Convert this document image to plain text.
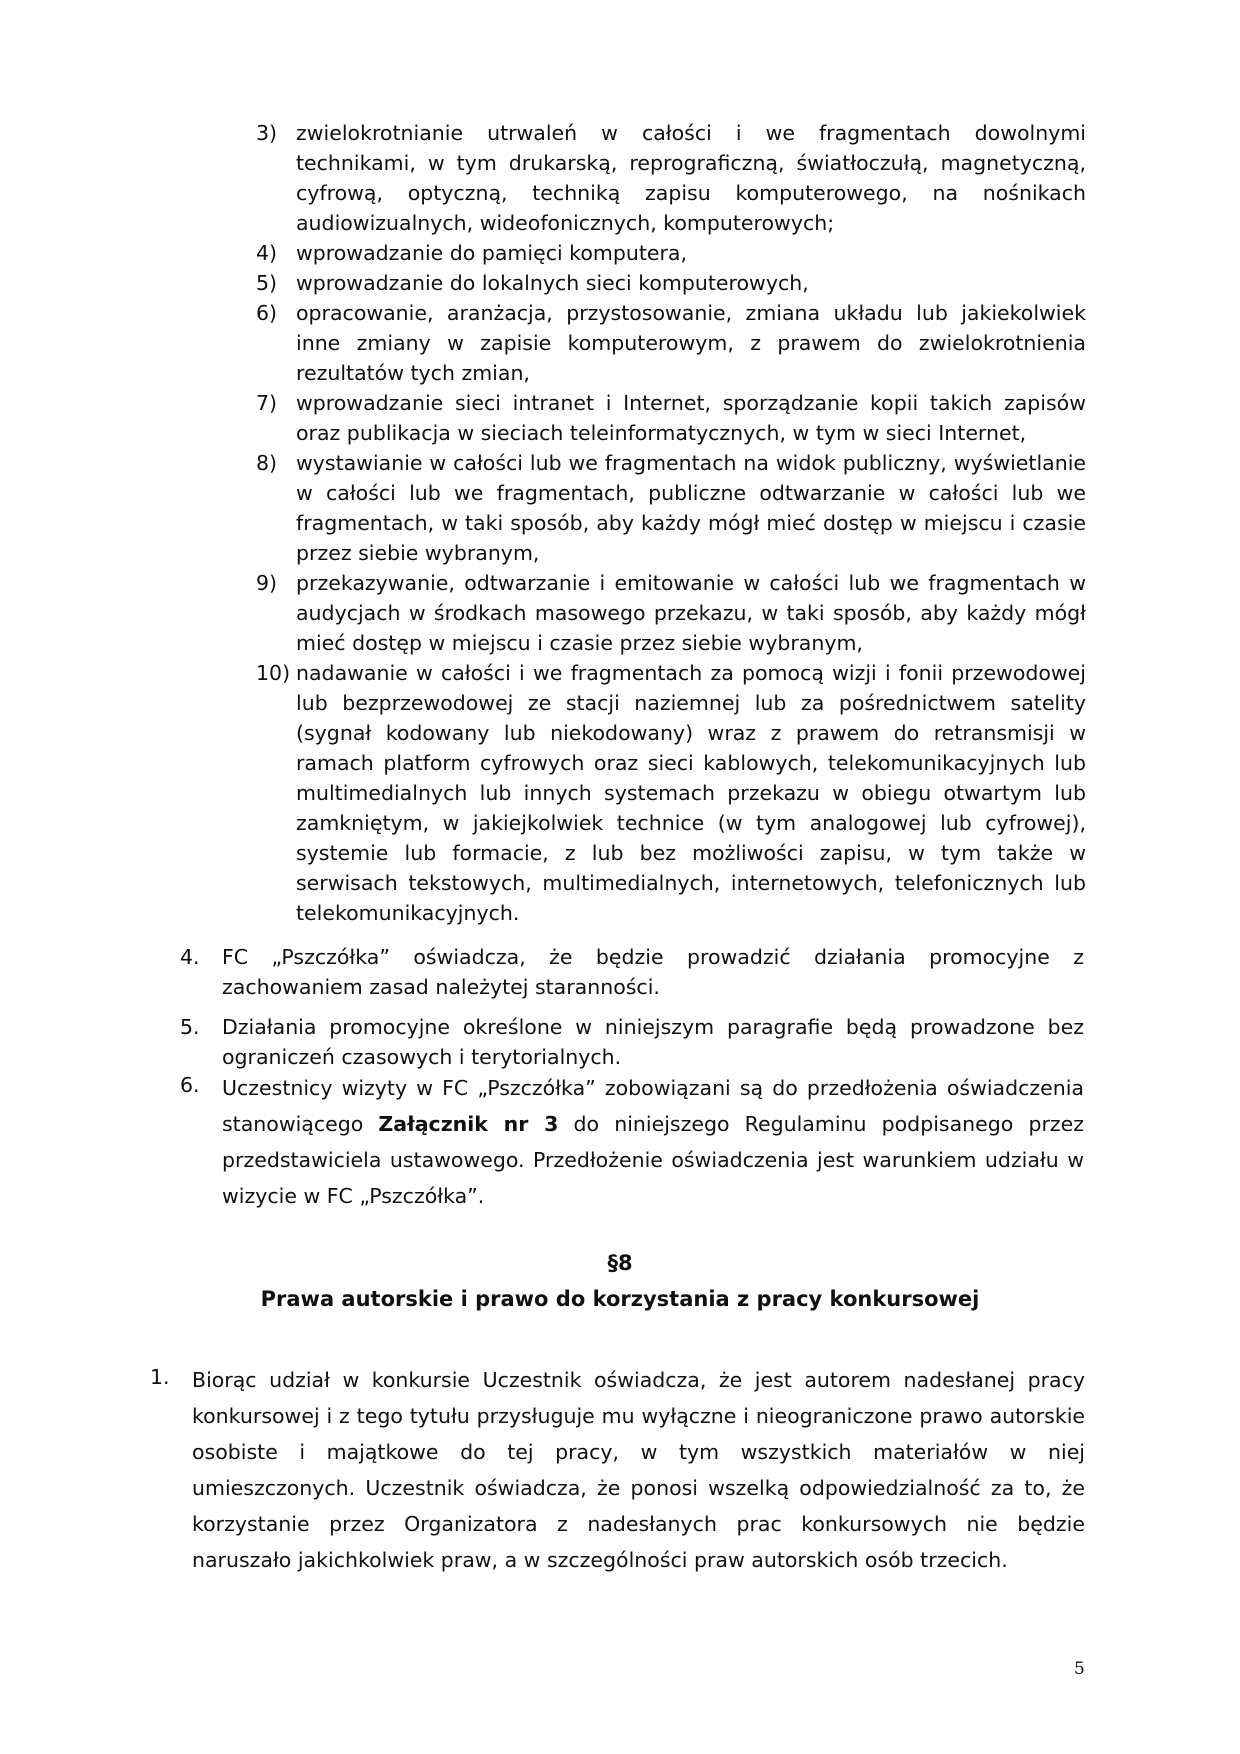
3) zwielokrotnianie utrwaleń w całości i we fragmentach dowolnymi technikami, w tym drukarską, reprograficzną, światłoczułą, magnetyczną, cyfrową, optyczną, techniką zapisu komputerowego, na nośnikach audiowizualnych, wideofonicznych, komputerowych;
4) wprowadzanie do pamięci komputera,
5) wprowadzanie do lokalnych sieci komputerowych,
6) opracowanie, aranżacja, przystosowanie, zmiana układu lub jakiekolwiek inne zmiany w zapisie komputerowym, z prawem do zwielokrotnienia rezultatów tych zmian,
7) wprowadzanie sieci intranet i Internet, sporządzanie kopii takich zapisów oraz publikacja w sieciach teleinformatycznych, w tym w sieci Internet,
8) wystawianie w całości lub we fragmentach na widok publiczny, wyświetlanie w całości lub we fragmentach, publiczne odtwarzanie w całości lub we fragmentach, w taki sposób, aby każdy mógł mieć dostęp w miejscu i czasie przez siebie wybranym,
9) przekazywanie, odtwarzanie i emitowanie w całości lub we fragmentach w audycjach w środkach masowego przekazu, w taki sposób, aby każdy mógł mieć dostęp w miejscu i czasie przez siebie wybranym,
10) nadawanie w całości i we fragmentach za pomocą wizji i fonii przewodowej lub bezprzewodowej ze stacji naziemnej lub za pośrednictwem satelity (sygnał kodowany lub niekodowany) wraz z prawem do retransmisji w ramach platform cyfrowych oraz sieci kablowych, telekomunikacyjnych lub multimedialnych lub innych systemach przekazu w obiegu otwartym lub zamkniętym, w jakiejkolwiek technice (w tym analogowej lub cyfrowej), systemie lub formacie, z lub bez możliwości zapisu, w tym także w serwisach tekstowych, multimedialnych, internetowych, telefonicznych lub telekomunikacyjnych.
4. FC „Pszczółka” oświadcza, że będzie prowadzić działania promocyjne z zachowaniem zasad należytej staranności.
5. Działania promocyjne określone w niniejszym paragrafie będą prowadzone bez ograniczeń czasowych i terytorialnych.
6. Uczestnicy wizyty w FC „Pszczółka” zobowiązani są do przedłożenia oświadczenia stanowiącego Załącznik nr 3 do niniejszego Regulaminu podpisanego przez przedstawiciela ustawowego. Przedłożenie oświadczenia jest warunkiem udziału w wizycie w FC „Pszczółka”.
§8
Prawa autorskie i prawo do korzystania z pracy konkursowej
1. Biorąc udział w konkursie Uczestnik oświadcza, że jest autorem nadesłanej pracy konkursowej i z tego tytułu przysługuje mu wyłączne i nieograniczone prawo autorskie osobiste i majątkowe do tej pracy, w tym wszystkich materiałów w niej umieszczonych. Uczestnik oświadcza, że ponosi wszelką odpowiedzialność za to, że korzystanie przez Organizatora z nadesłanych prac konkursowych nie będzie naruszało jakichkolwiek praw, a w szczególności praw autorskich osób trzecich.
5
